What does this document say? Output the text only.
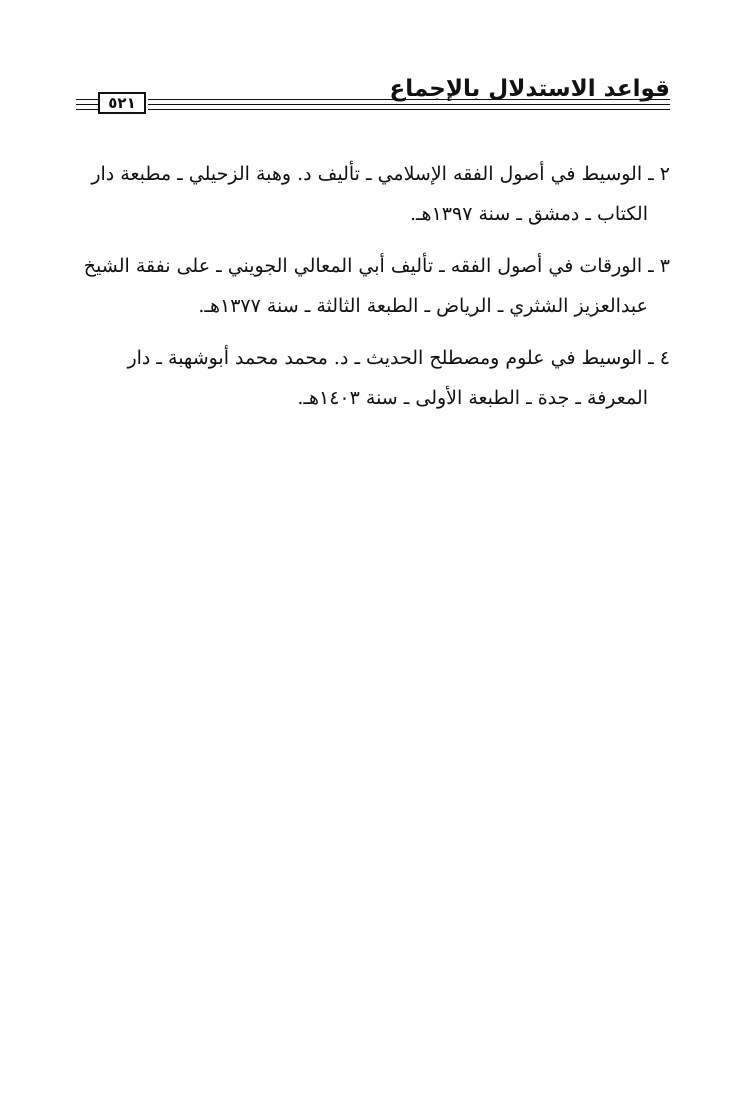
قواعد الاستدلال بالإجماع
٥٢١

٢ ـ الوسيط في أصول الفقه الإسلامي ـ تأليف د. وهبة الزحيلي ـ مطبعة دار
الكتاب ـ دمشق ـ سنة ١٣٩٧هـ.

٣ ـ الورقات في أصول الفقه ـ تأليف أبي المعالي الجويني ـ على نفقة الشيخ
عبدالعزيز الشثري ـ الرياض ـ الطبعة الثالثة ـ سنة ١٣٧٧هـ.

٤ ـ الوسيط في علوم ومصطلح الحديث ـ د. محمد محمد أبوشهبة ـ دار
المعرفة ـ جدة ـ الطبعة الأولى ـ سنة ١٤٠٣هـ.
